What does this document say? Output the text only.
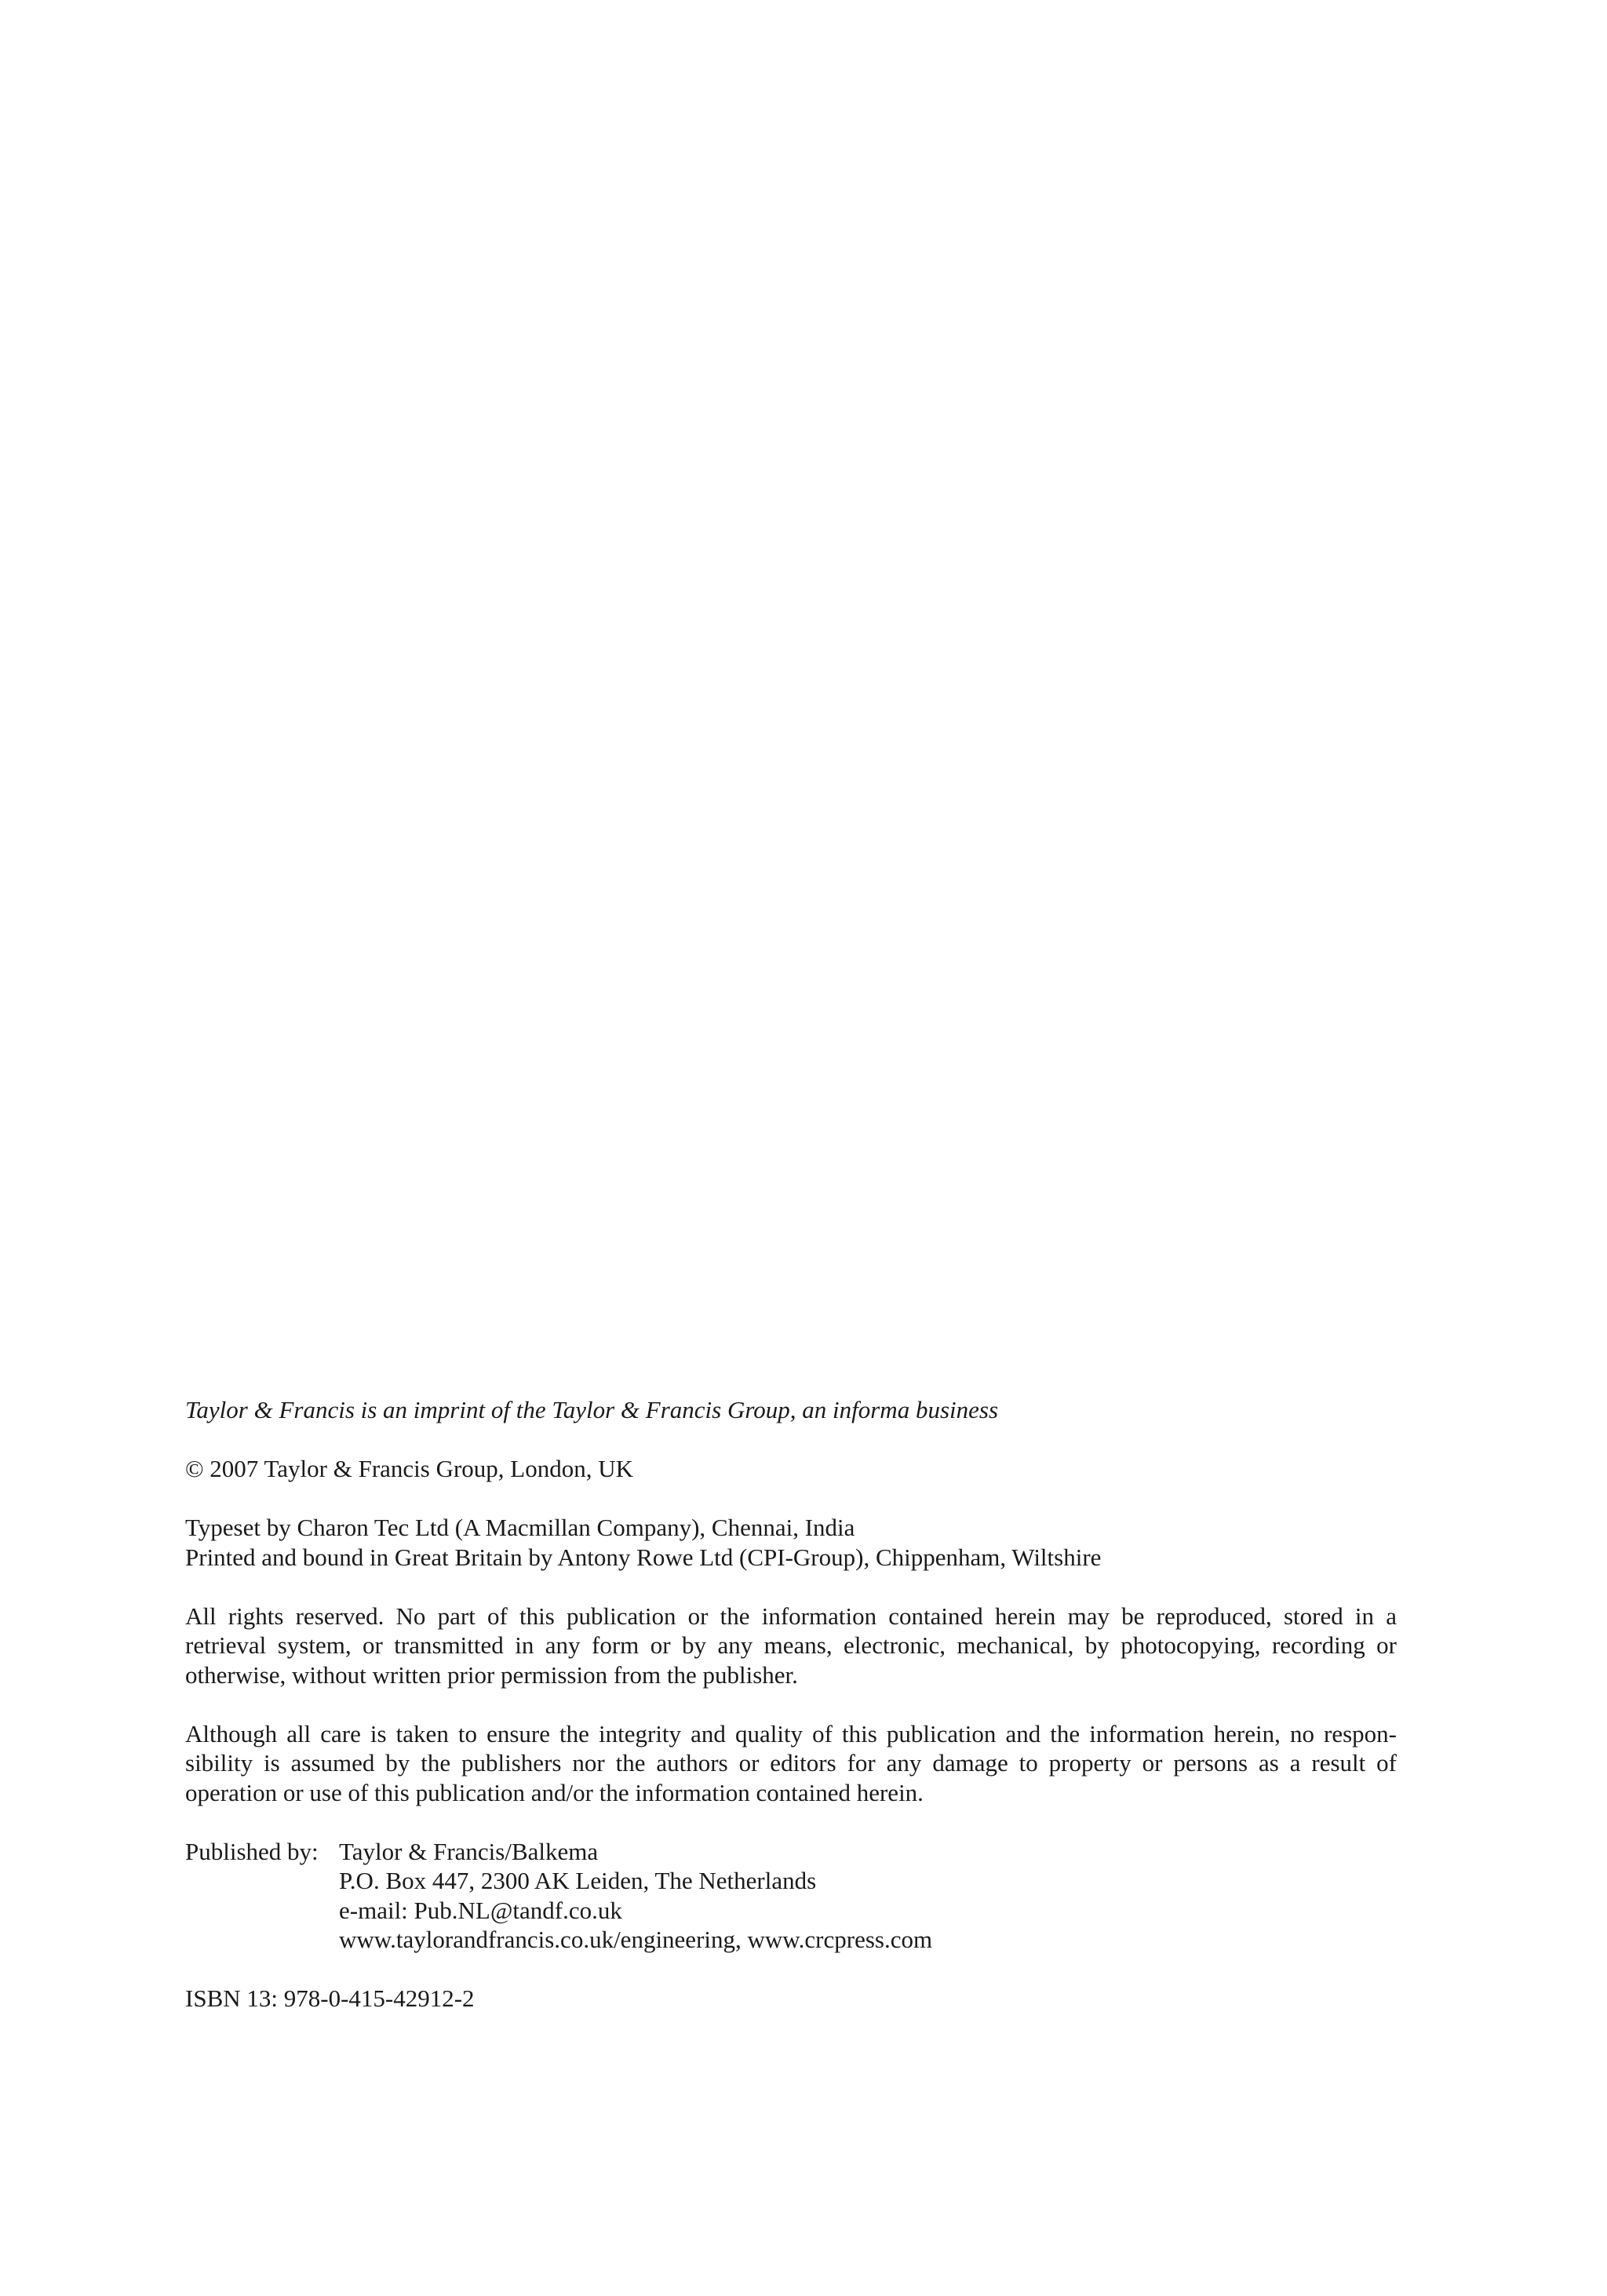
Taylor & Francis is an imprint of the Taylor & Francis Group, an informa business

© 2007 Taylor & Francis Group, London, UK

Typeset by Charon Tec Ltd (A Macmillan Company), Chennai, India
Printed and bound in Great Britain by Antony Rowe Ltd (CPI-Group), Chippenham, Wiltshire

All rights reserved. No part of this publication or the information contained herein may be reproduced, stored in a
retrieval system, or transmitted in any form or by any means, electronic, mechanical, by photocopying, recording or
otherwise, without written prior permission from the publisher.

Although all care is taken to ensure the integrity and quality of this publication and the information herein, no respon-
sibility is assumed by the publishers nor the authors or editors for any damage to property or persons as a result of
operation or use of this publication and/or the information contained herein.

Published by: Taylor & Francis/Balkema
P.O. Box 447, 2300 AK Leiden, The Netherlands
e-mail: Pub.NL@tandf.co.uk
www.taylorandfrancis.co.uk/engineering, www.crcpress.com

ISBN 13: 978-0-415-42912-2
